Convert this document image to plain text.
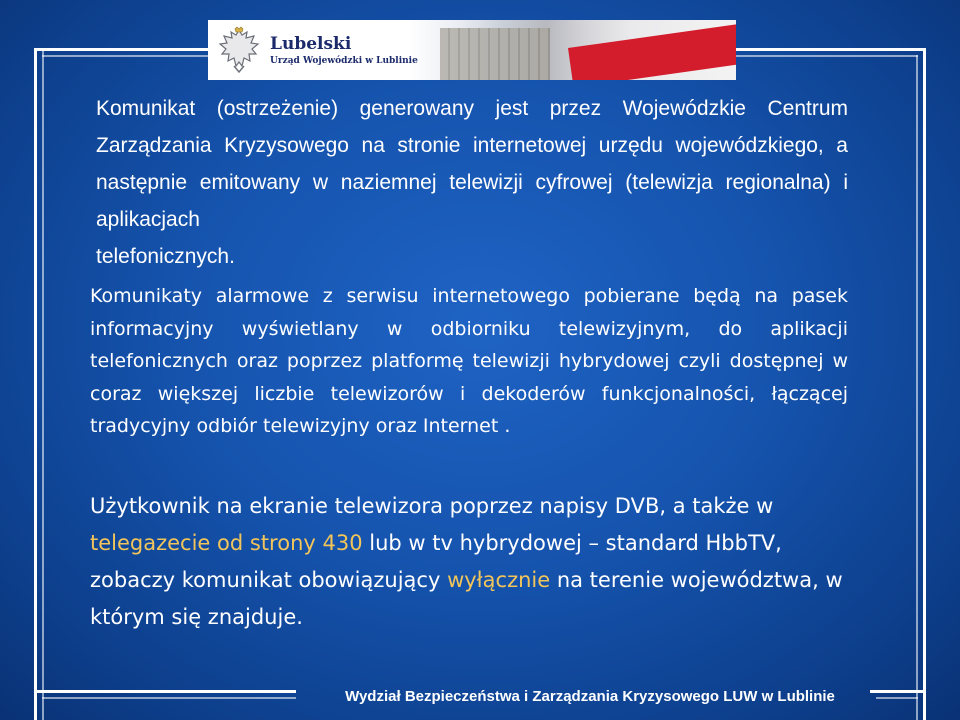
Lubelski
Urząd Wojewódzki w Lublinie
Komunikat (ostrzeżenie) generowany jest przez Wojewódzkie Centrum Zarządzania Kryzysowego na stronie internetowej urzędu wojewódzkiego, a następnie emitowany w naziemnej telewizji cyfrowej (telewizja regionalna) i aplikacjach
telefonicznych.
Komunikaty alarmowe z serwisu internetowego pobierane będą na pasek informacyjny wyświetlany w odbiorniku telewizyjnym, do aplikacji telefonicznych oraz poprzez platformę telewizji hybrydowej czyli dostępnej w coraz większej liczbie telewizorów i dekoderów funkcjonalności, łączącej tradycyjny odbiór telewizyjny oraz Internet .
Użytkownik na ekranie telewizora poprzez napisy DVB, a także w telegazecie od strony 430 lub w tv hybrydowej – standard HbbTV, zobaczy komunikat obowiązujący wyłącznie na terenie województwa, w którym się znajduje.
Wydział Bezpieczeństwa i Zarządzania Kryzysowego LUW w Lublinie
